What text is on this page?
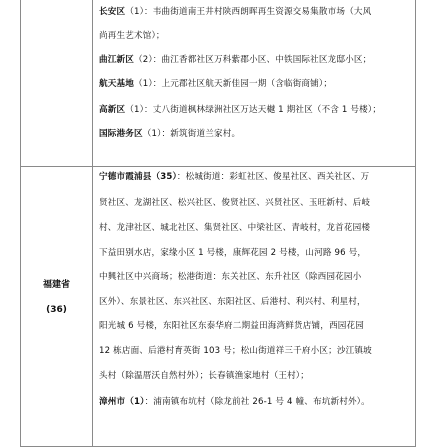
福建省
(36)
长安区（1）：韦曲街道南王井村陕西朗晖再生资源交易集散市场（大风
尚再生艺术馆）；
曲江新区（2）：曲江香都社区万科紫郡小区、中铁国际社区龙邸小区；
航天基地（1）：上元郡社区航天新佳园一期（含临街商铺）；
高新区（1）：丈八街道枫林绿洲社区万达天樾 1 期社区（不含 1 号楼）；
国际港务区（1）：新筑街道兰家村。
宁德市霞浦县（35）：松城街道：彩虹社区、俊星社区、西关社区、万
贤社区、龙湖社区、松兴社区、俊贤社区、兴贤社区、玉旺新村、后岐
村、龙津社区、城北社区、集贤社区、中梁社区、青岐村，龙首花园楼
下益田别水店，家缘小区 1 号楼，康辉花园 2 号楼，山河路 96 号，
中興社区中兴商场；松港街道：东关社区、东升社区（除西园花园小
区外）、东景社区、东兴社区、东阳社区、后港村、利兴村、利星村，
阳光城 6 号楼，东阳社区东泰华府二期益田海湾鲜货店铺，西园花园
12 栋店面、后港村育英街 103 号；松山街道祥三千府小区；沙江镇坡
头村（除温厝沃自然村外）；长春镇渔家地村（王村）；
漳州市（1）：浦南镇布坑村（除龙前社 26-1 号 4 幢、布坑新村外）。
